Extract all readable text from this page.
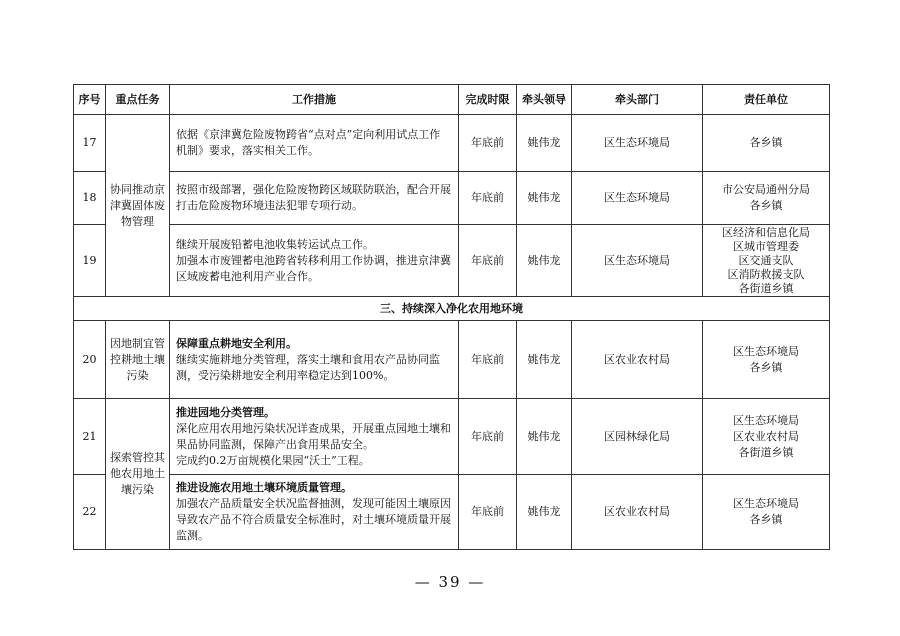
序号	重点任务	工作措施	完成时限	牵头领导	牵头部门	责任单位
17	协同推动京津冀固体废物管理	依据《京津冀危险废物跨省“点对点”定向利用试点工作
机制》要求，落实相关工作。	年底前	姚伟龙	区生态环境局	各乡镇

18		按照市级部署，强化危险废物跨区域联防联治，配合开展
打击危险废物环境违法犯罪专项行动。	年底前	姚伟龙	区生态环境局	市公安局通州分局
各乡镇

19		继续开展废铅蓄电池收集转运试点工作。
加强本市废锂蓄电池跨省转移利用工作协调，推进京津冀
区域废蓄电池利用产业合作。	年底前	姚伟龙	区生态环境局	区经济和信息化局
区城市管理委
区交通支队
区消防救援支队
各街道乡镇

三、持续深入净化农用地环境						
20	因地制宜管控耕地土壤污染	保障重点耕地安全利用。
继续实施耕地分类管理，落实土壤和食用农产品协同监
测，受污染耕地安全利用率稳定达到100%。	年底前	姚伟龙	区农业农村局	区生态环境局
各乡镇

21	探索管控其他农用地土壤污染	推进园地分类管理。
深化应用农用地污染状况详查成果，开展重点园地土壤和
果品协同监测，保障产出食用果品安全。
完成约0.2万亩规模化果园“沃土”工程。	年底前	姚伟龙	区园林绿化局	区生态环境局
区农业农村局
各街道乡镇

22		推进设施农用地土壤环境质量管理。
加强农产品质量安全状况监督抽测，发现可能因土壤原因
导致农产品不符合质量安全标准时，对土壤环境质量开展
监测。	年底前	姚伟龙	区农业农村局	区生态环境局
各乡镇
— 39 —
